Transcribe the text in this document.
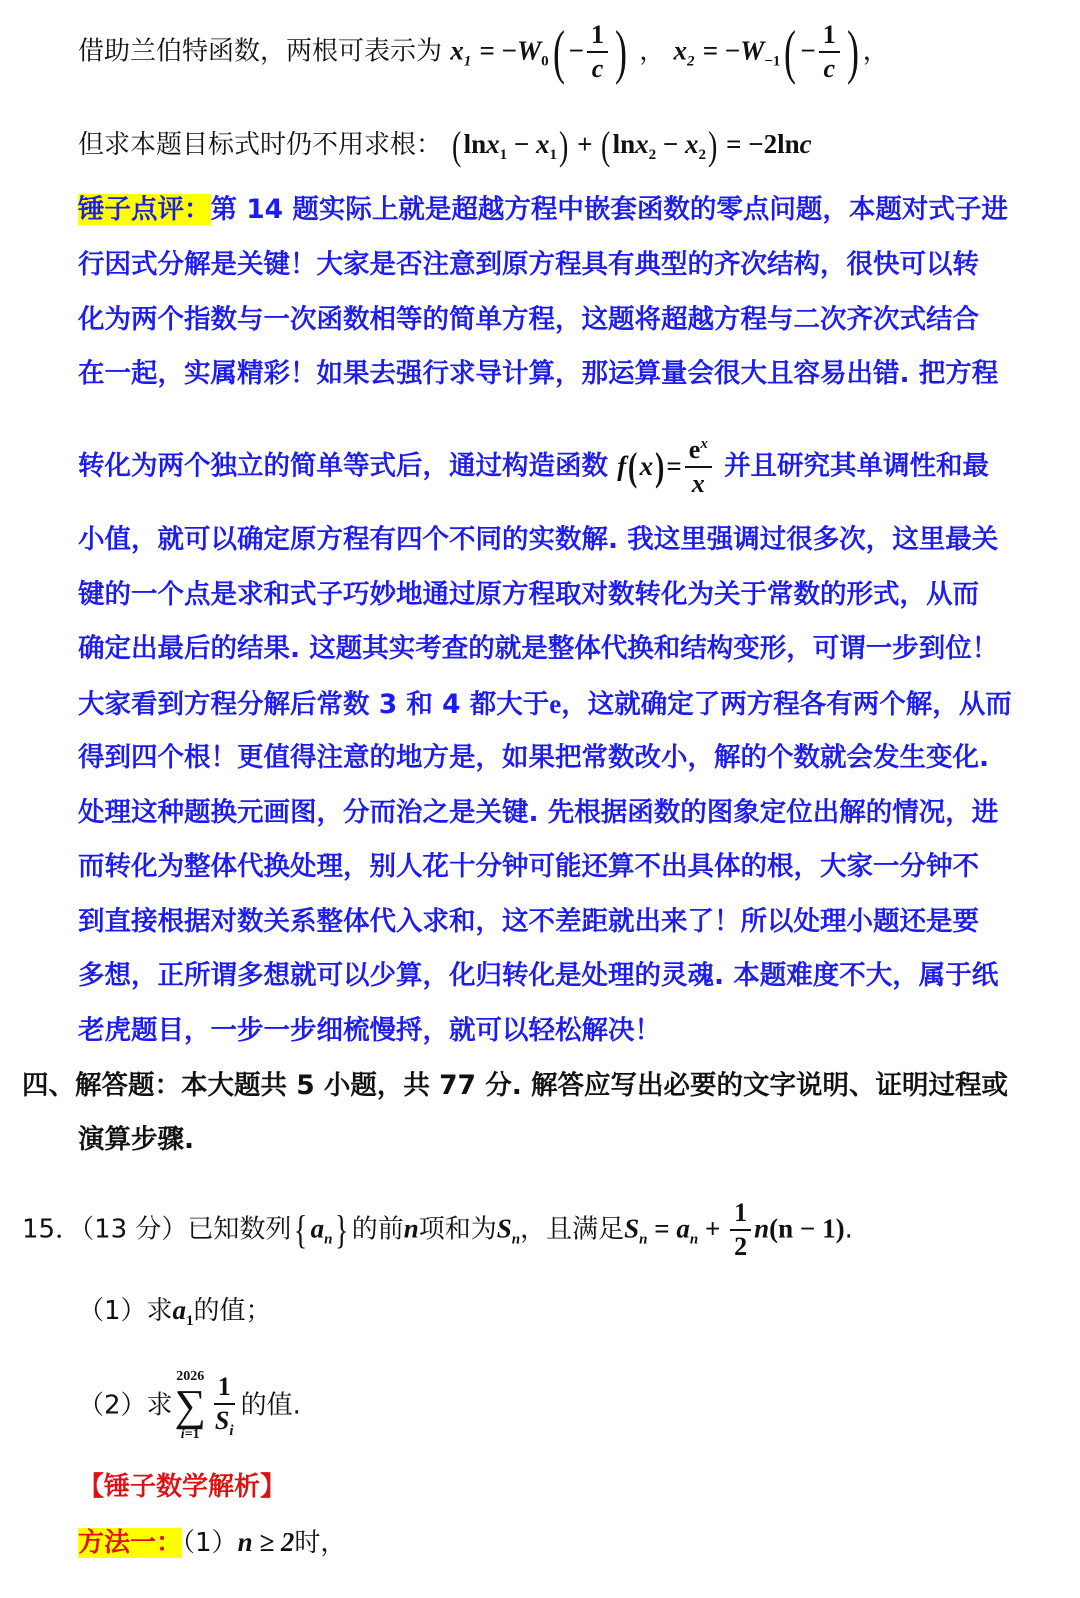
借助兰伯特函数，两根可表示为 $x_1 = -W_0( - \frac{1}{c}$ ) ， $x_2 = -W_{-1}( - \frac{1}{c}$ ) ，
但求本题目标式时仍不用求根： $(\ln x_1 - x_1) + (\ln x_2 - x_2) = -2\ln c$
锤子点评：第 14 题实际上就是超越方程中嵌套函数的零点问题，本题对式子进
行因式分解是关键！大家是否注意到原方程具有典型的齐次结构，很快可以转
化为两个指数与一次函数相等的简单方程，这题将超越方程与二次齐次式结合
在一起，实属精彩！如果去强行求导计算，那运算量会很大且容易出错. 把方程
转化为两个独立的简单等式后，通过构造函数 $f(x)= \frac{e^x}{x}$ 并且研究其单调性和最
小值，就可以确定原方程有四个不同的实数解. 我这里强调过很多次，这里最关
键的一个点是求和式子巧妙地通过原方程取对数转化为关于常数的形式，从而
确定出最后的结果. 这题其实考查的就是整体代换和结构变形，可谓一步到位！
大家看到方程分解后常数 3 和 4 都大于e，这就确定了两方程各有两个解，从而
得到四个根！更值得注意的地方是，如果把常数改小，解的个数就会发生变化.
处理这种题换元画图，分而治之是关键. 先根据函数的图象定位出解的情况，进
而转化为整体代换处理，别人花十分钟可能还算不出具体的根，大家一分钟不
到直接根据对数关系整体代入求和，这不差距就出来了！所以处理小题还是要
多想，正所谓多想就可以少算，化归转化是处理的灵魂. 本题难度不大，属于纸
老虎题目，一步一步细梳慢捋，就可以轻松解决！
四、解答题：本大题共 5 小题，共 77 分. 解答应写出必要的文字说明、证明过程或
演算步骤.
15．（13 分）已知数列{ $a_n$} 的前n项和为$S_n$，且满足$S_n = a_n + \frac{1}{2} n(n - 1)$.
（1）求$a_1$的值；
（2）求
2026
∑
$i=1 \frac{1}{S_i}$ 的值.
【锤子数学解析】
方法一：（1）n ≥ 2时，
